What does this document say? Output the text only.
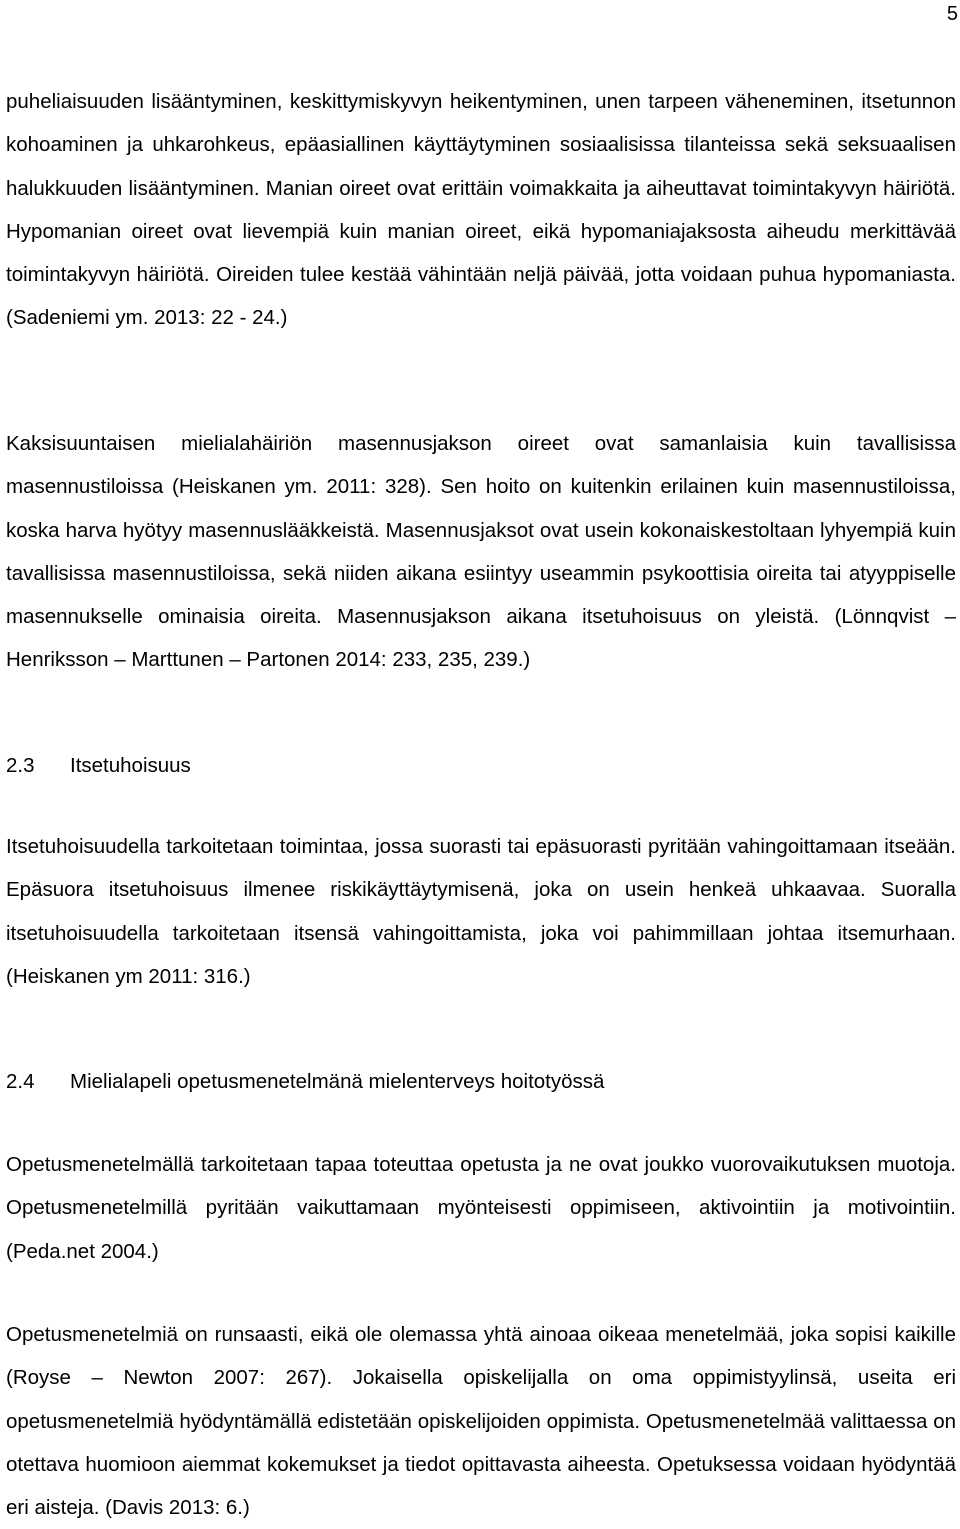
5

puheliaisuuden lisääntyminen, keskittymiskyvyn heikentyminen, unen tarpeen väheneminen, itsetunnon kohoaminen ja uhkarohkeus, epäasiallinen käyttäytyminen sosiaalisissa tilanteissa sekä seksuaalisen halukkuuden lisääntyminen. Manian oireet ovat erittäin voimakkaita ja aiheuttavat toimintakyvyn häiriötä. Hypomanian oireet ovat lievempiä kuin manian oireet, eikä hypomaniajaksosta aiheudu merkittävää toimintakyvyn häiriötä. Oireiden tulee kestää vähintään neljä päivää, jotta voidaan puhua hypomaniasta. (Sadeniemi ym. 2013: 22 - 24.)

Kaksisuuntaisen mielialahäiriön masennusjakson oireet ovat samanlaisia kuin tavallisissa masennustiloissa (Heiskanen ym. 2011: 328). Sen hoito on kuitenkin erilainen kuin masennustiloissa, koska harva hyötyy masennuslääkkeistä. Masennusjaksot ovat usein kokonaiskestoltaan lyhyempiä kuin tavallisissa masennustiloissa, sekä niiden aikana esiintyy useammin psykoottisia oireita tai atyyppiselle masennukselle ominaisia oireita. Masennusjakson aikana itsetuhoisuus on yleistä. (Lönnqvist – Henriksson – Marttunen – Partonen 2014: 233, 235, 239.)

2.3 Itsetuhoisuus

Itsetuhoisuudella tarkoitetaan toimintaa, jossa suorasti tai epäsuorasti pyritään vahingoittamaan itseään. Epäsuora itsetuhoisuus ilmenee riskikäyttäytymisenä, joka on usein henkeä uhkaavaa. Suoralla itsetuhoisuudella tarkoitetaan itsensä vahingoittamista, joka voi pahimmillaan johtaa itsemurhaan. (Heiskanen ym 2011: 316.)

2.4 Mielialapeli opetusmenetelmänä mielenterveys hoitotyössä

Opetusmenetelmällä tarkoitetaan tapaa toteuttaa opetusta ja ne ovat joukko vuorovaikutuksen muotoja. Opetusmenetelmillä pyritään vaikuttamaan myönteisesti oppimiseen, aktivointiin ja motivointiin. (Peda.net 2004.)

Opetusmenetelmiä on runsaasti, eikä ole olemassa yhtä ainoaa oikeaa menetelmää, joka sopisi kaikille (Royse – Newton 2007: 267). Jokaisella opiskelijalla on oma oppimistyylinsä, useita eri opetusmenetelmiä hyödyntämällä edistetään opiskelijoiden oppimista. Opetusmenetelmää valittaessa on otettava huomioon aiemmat kokemukset ja tiedot opittavasta aiheesta. Opetuksessa voidaan hyödyntää eri aisteja. (Davis 2013: 6.)
